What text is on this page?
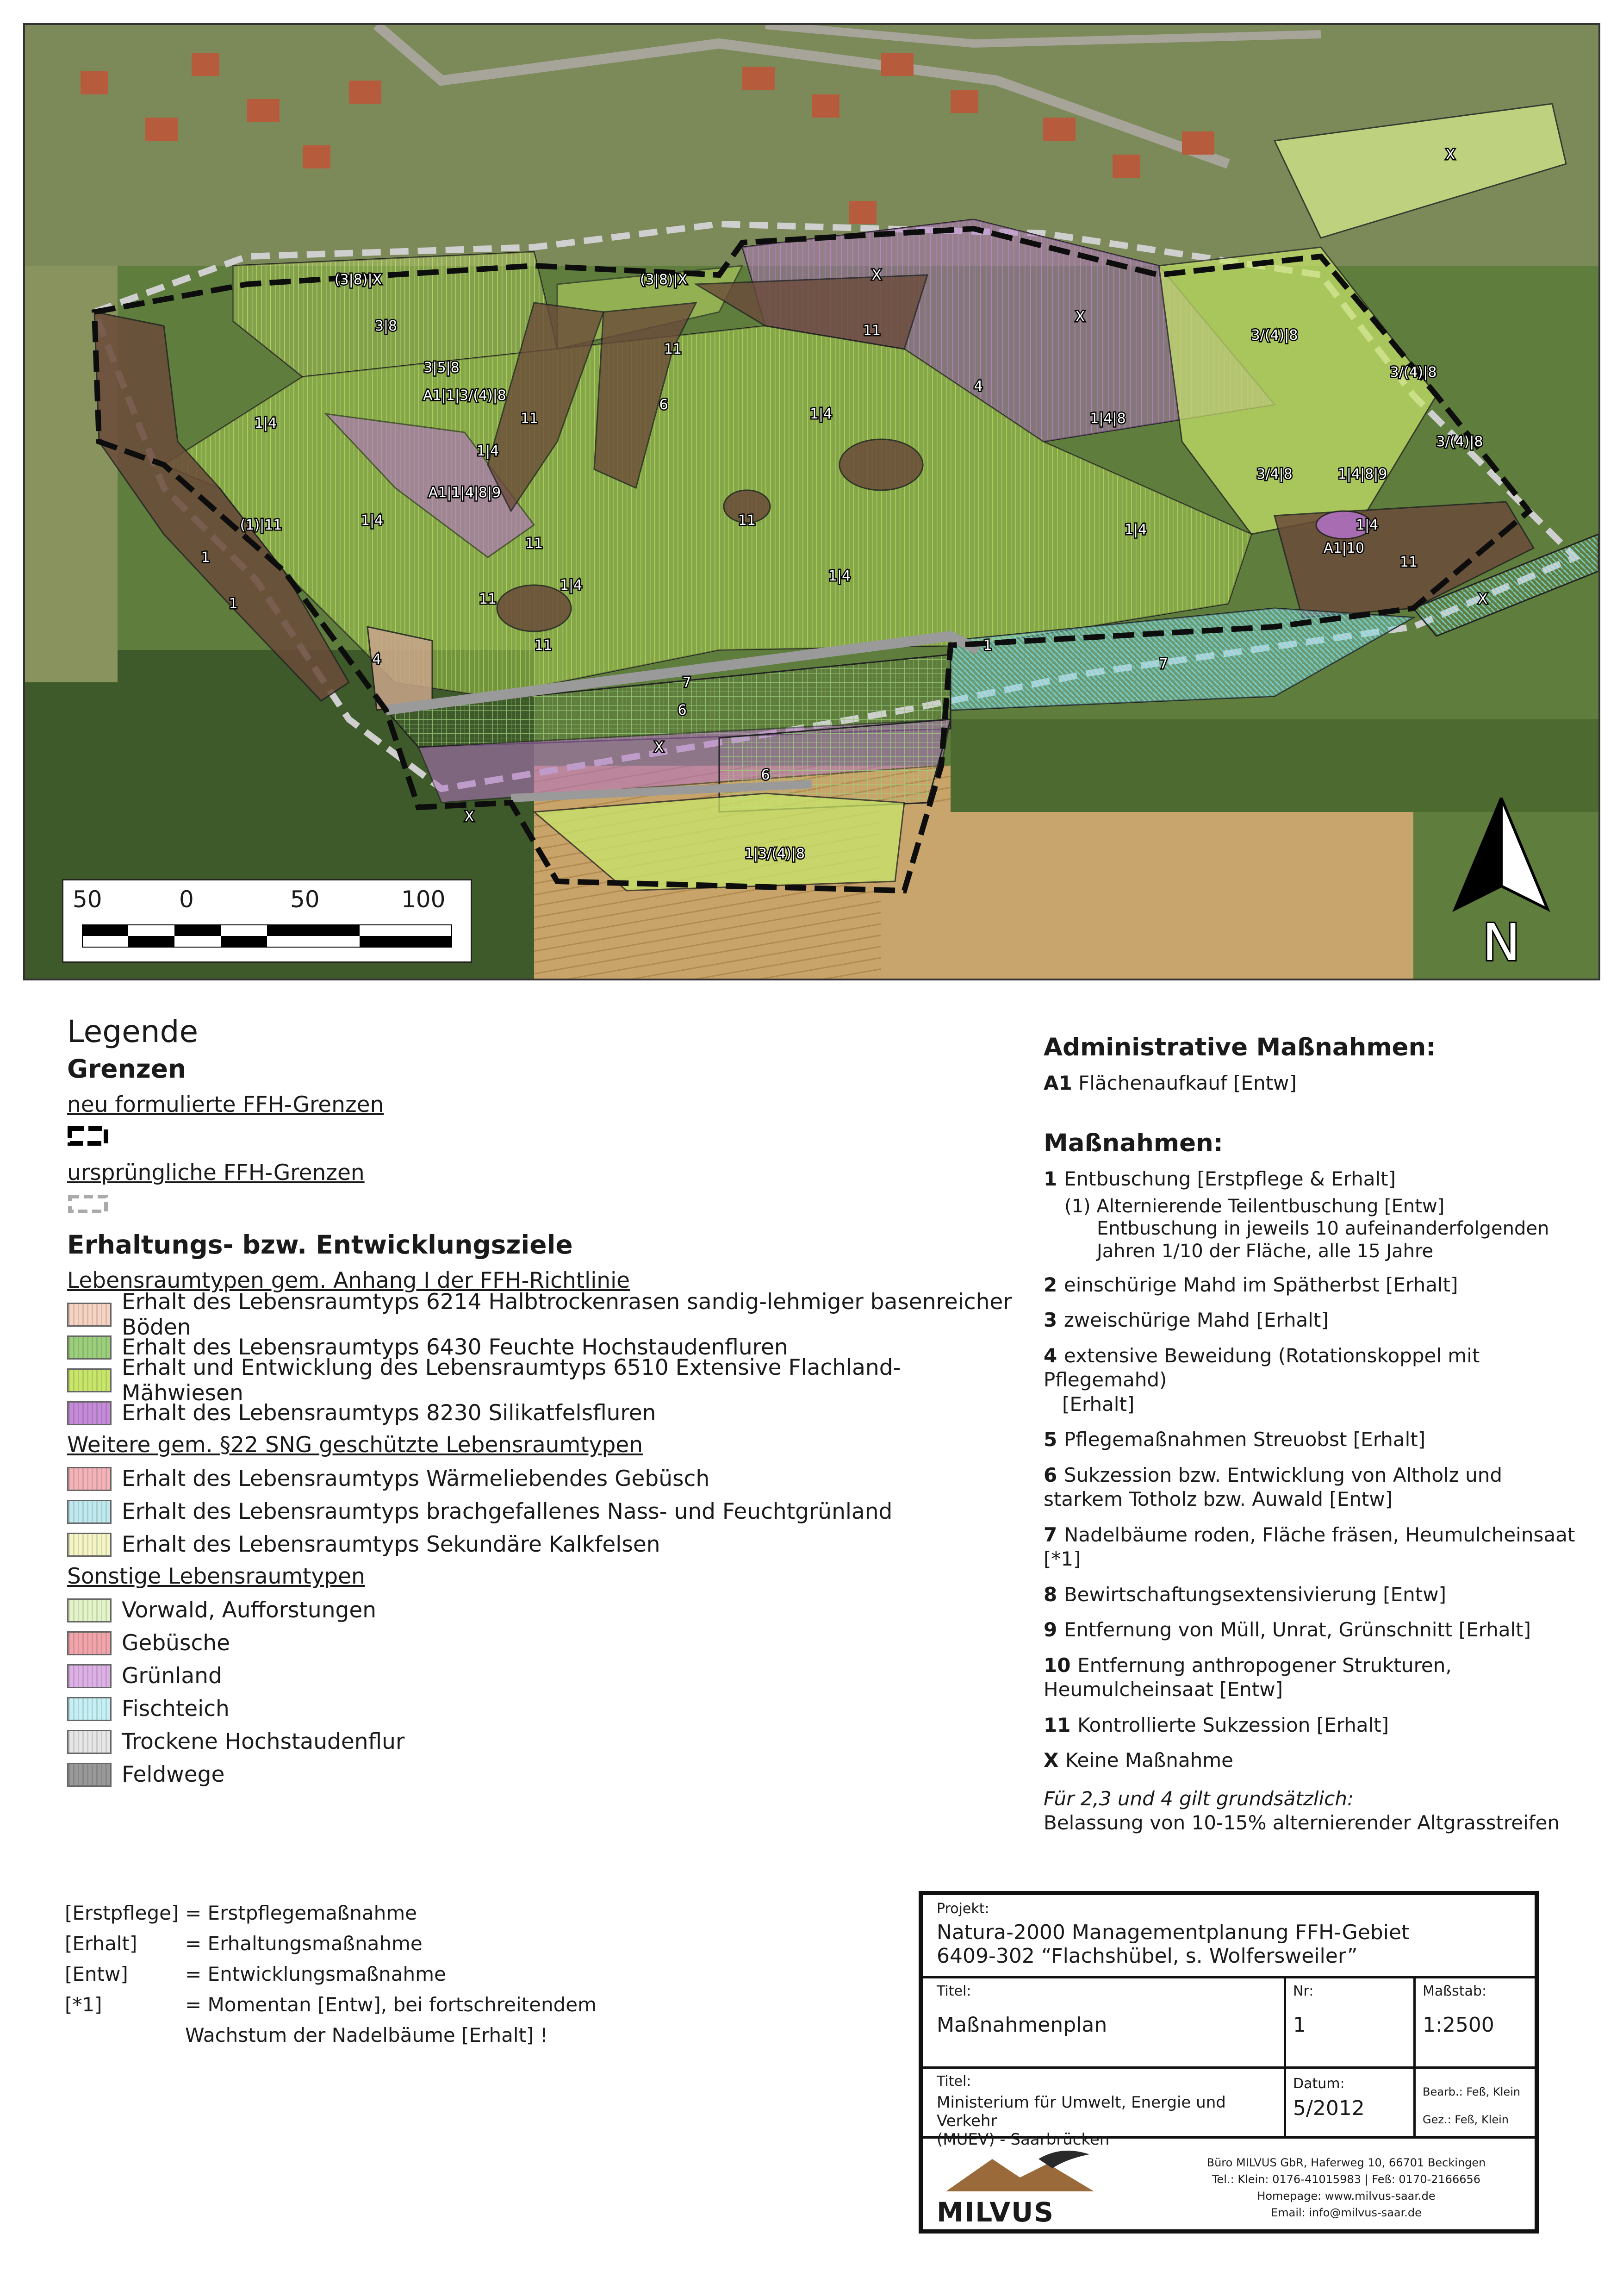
(3|8)|X
3|8
3|5|8
A1|1|3/(4)|8
1|4
(3|8)|X
11
11
6
X
11
1|4
4
X
1|4|8
3/(4)|8
3/(4)|8
3/(4)|8
X
1|4
11
A1|1|4|8|9
1|4
(1)|11
1
1
11
1|4
11
1|4
1|4
3/4|8	1|4|8|9
1|4
A1|10
11
X
4
11
1
7
7
6
X
6
X
1|3/(4)|8
50	0	50	100
N
Legende
Grenzen
neu formulierte FFH-Grenzen
ursprüngliche FFH-Grenzen
Erhaltungs- bzw. Entwicklungsziele
Lebensraumtypen gem. Anhang I der FFH-Richtlinie
Erhalt des Lebensraumtyps 6214 Halbtrockenrasen sandig-lehmiger basenreicher Böden
Erhalt des Lebensraumtyps 6430 Feuchte Hochstaudenfluren
Erhalt und Entwicklung des Lebensraumtyps 6510 Extensive Flachland-Mähwiesen
Erhalt des Lebensraumtyps 8230 Silikatfelsfluren
Weitere gem. §22 SNG geschützte Lebensraumtypen
Erhalt des Lebensraumtyps Wärmeliebendes Gebüsch
Erhalt des Lebensraumtyps brachgefallenes Nass- und Feuchtgrünland
Erhalt des Lebensraumtyps Sekundäre Kalkfelsen
Sonstige Lebensraumtypen
Vorwald, Aufforstungen
Gebüsche
Grünland
Fischteich
Trockene Hochstaudenflur
Feldwege
Administrative Maßnahmen:
A1 Flächenaufkauf [Entw]
Maßnahmen:
1 Entbuschung [Erstpflege & Erhalt]
(1) Alternierende Teilentbuschung [Entw]
Entbuschung in jeweils 10 aufeinanderfolgenden
Jahren 1/10 der Fläche, alle 15 Jahre
2 einschürige Mahd im Spätherbst [Erhalt]
3 zweischürige Mahd [Erhalt]
4 extensive Beweidung (Rotationskoppel mit Pflegemahd)
[Erhalt]
5 Pflegemaßnahmen Streuobst [Erhalt]
6 Sukzession bzw. Entwicklung von Altholz und
starkem Totholz bzw. Auwald [Entw]
7 Nadelbäume roden, Fläche fräsen, Heumulcheinsaat [*1]
8 Bewirtschaftungsextensivierung [Entw]
9 Entfernung von Müll, Unrat, Grünschnitt [Erhalt]
10 Entfernung anthropogener Strukturen,
Heumulcheinsaat [Entw]
11 Kontrollierte Sukzession [Erhalt]
X Keine Maßnahme
Für 2,3 und 4 gilt grundsätzlich:
Belassung von 10-15% alternierender Altgrasstreifen
[Erstpflege] = Erstpflegemaßnahme
[Erhalt]	= Erhaltungsmaßnahme
[Entw]	= Entwicklungsmaßnahme
[*1]	= Momentan [Entw], bei fortschreitendem
Wachstum der Nadelbäume [Erhalt] !
Projekt:
Natura-2000 Managementplanung FFH-Gebiet
6409-302 “Flachshübel, s. Wolfersweiler”
Titel:
Maßnahmenplan
Nr:
1
Maßstab:
1:2500
Titel:
Ministerium für Umwelt, Energie und Verkehr
(MUEV) - Saarbrücken
Datum:
5/2012
Bearb.: Feß, Klein
Gez.: Feß, Klein
MILVUS
Büro MILVUS GbR, Haferweg 10, 66701 Beckingen
Tel.: Klein: 0176-41015983 | Feß: 0170-2166656
Homepage: www.milvus-saar.de
Email: info@milvus-saar.de
